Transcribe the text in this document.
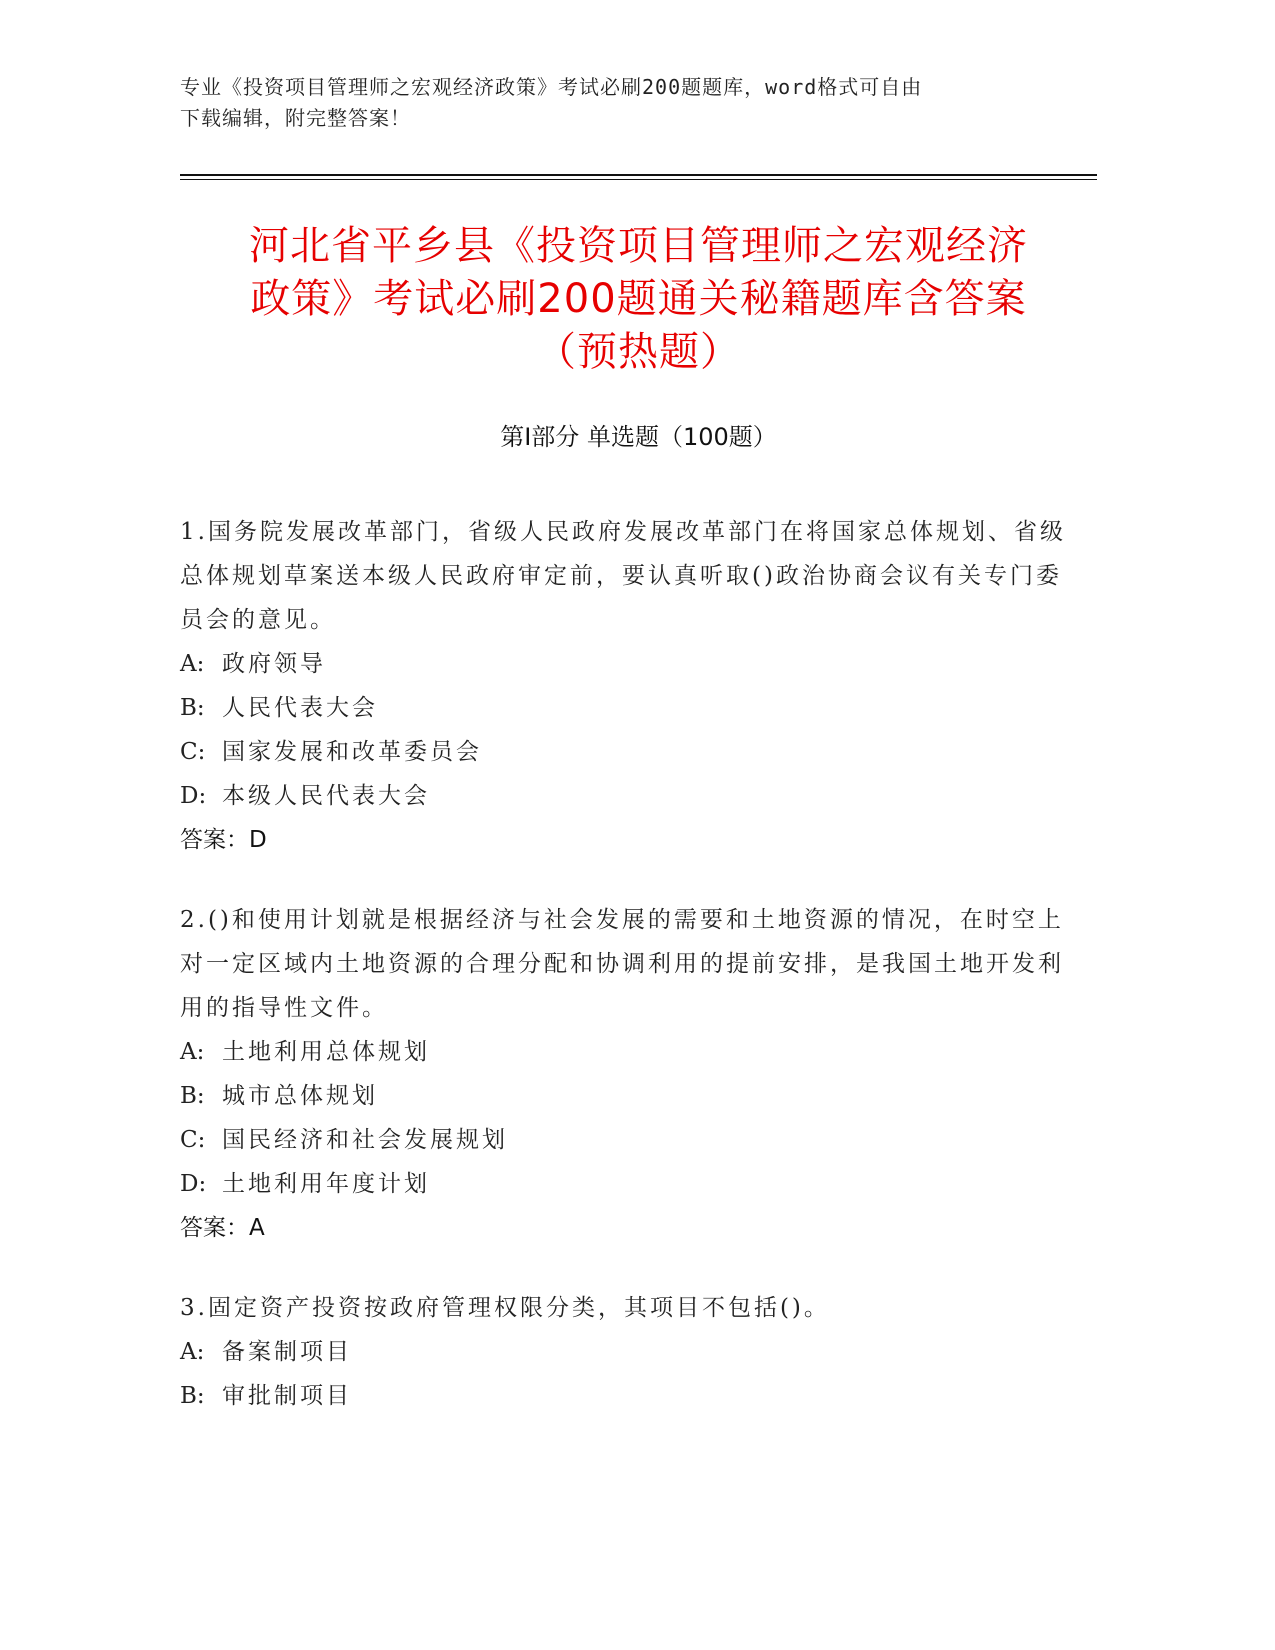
专业《投资项目管理师之宏观经济政策》考试必刷200题题库，word格式可自由
下载编辑，附完整答案！
河北省平乡县《投资项目管理师之宏观经济
政策》考试必刷200题通关秘籍题库含答案
（预热题）
第Ⅰ部分 单选题（100题）
1.国务院发展改革部门，省级人民政府发展改革部门在将国家总体规划、省级总体规划草案送本级人民政府审定前，要认真听取()政治协商会议有关专门委员会的意见。
A: 政府领导
B: 人民代表大会
C: 国家发展和改革委员会
D: 本级人民代表大会
答案：D
2.()和使用计划就是根据经济与社会发展的需要和土地资源的情况，在时空上对一定区域内土地资源的合理分配和协调利用的提前安排，是我国土地开发利用的指导性文件。
A: 土地利用总体规划
B: 城市总体规划
C: 国民经济和社会发展规划
D: 土地利用年度计划
答案：A
3.固定资产投资按政府管理权限分类，其项目不包括()。
A: 备案制项目
B: 审批制项目
